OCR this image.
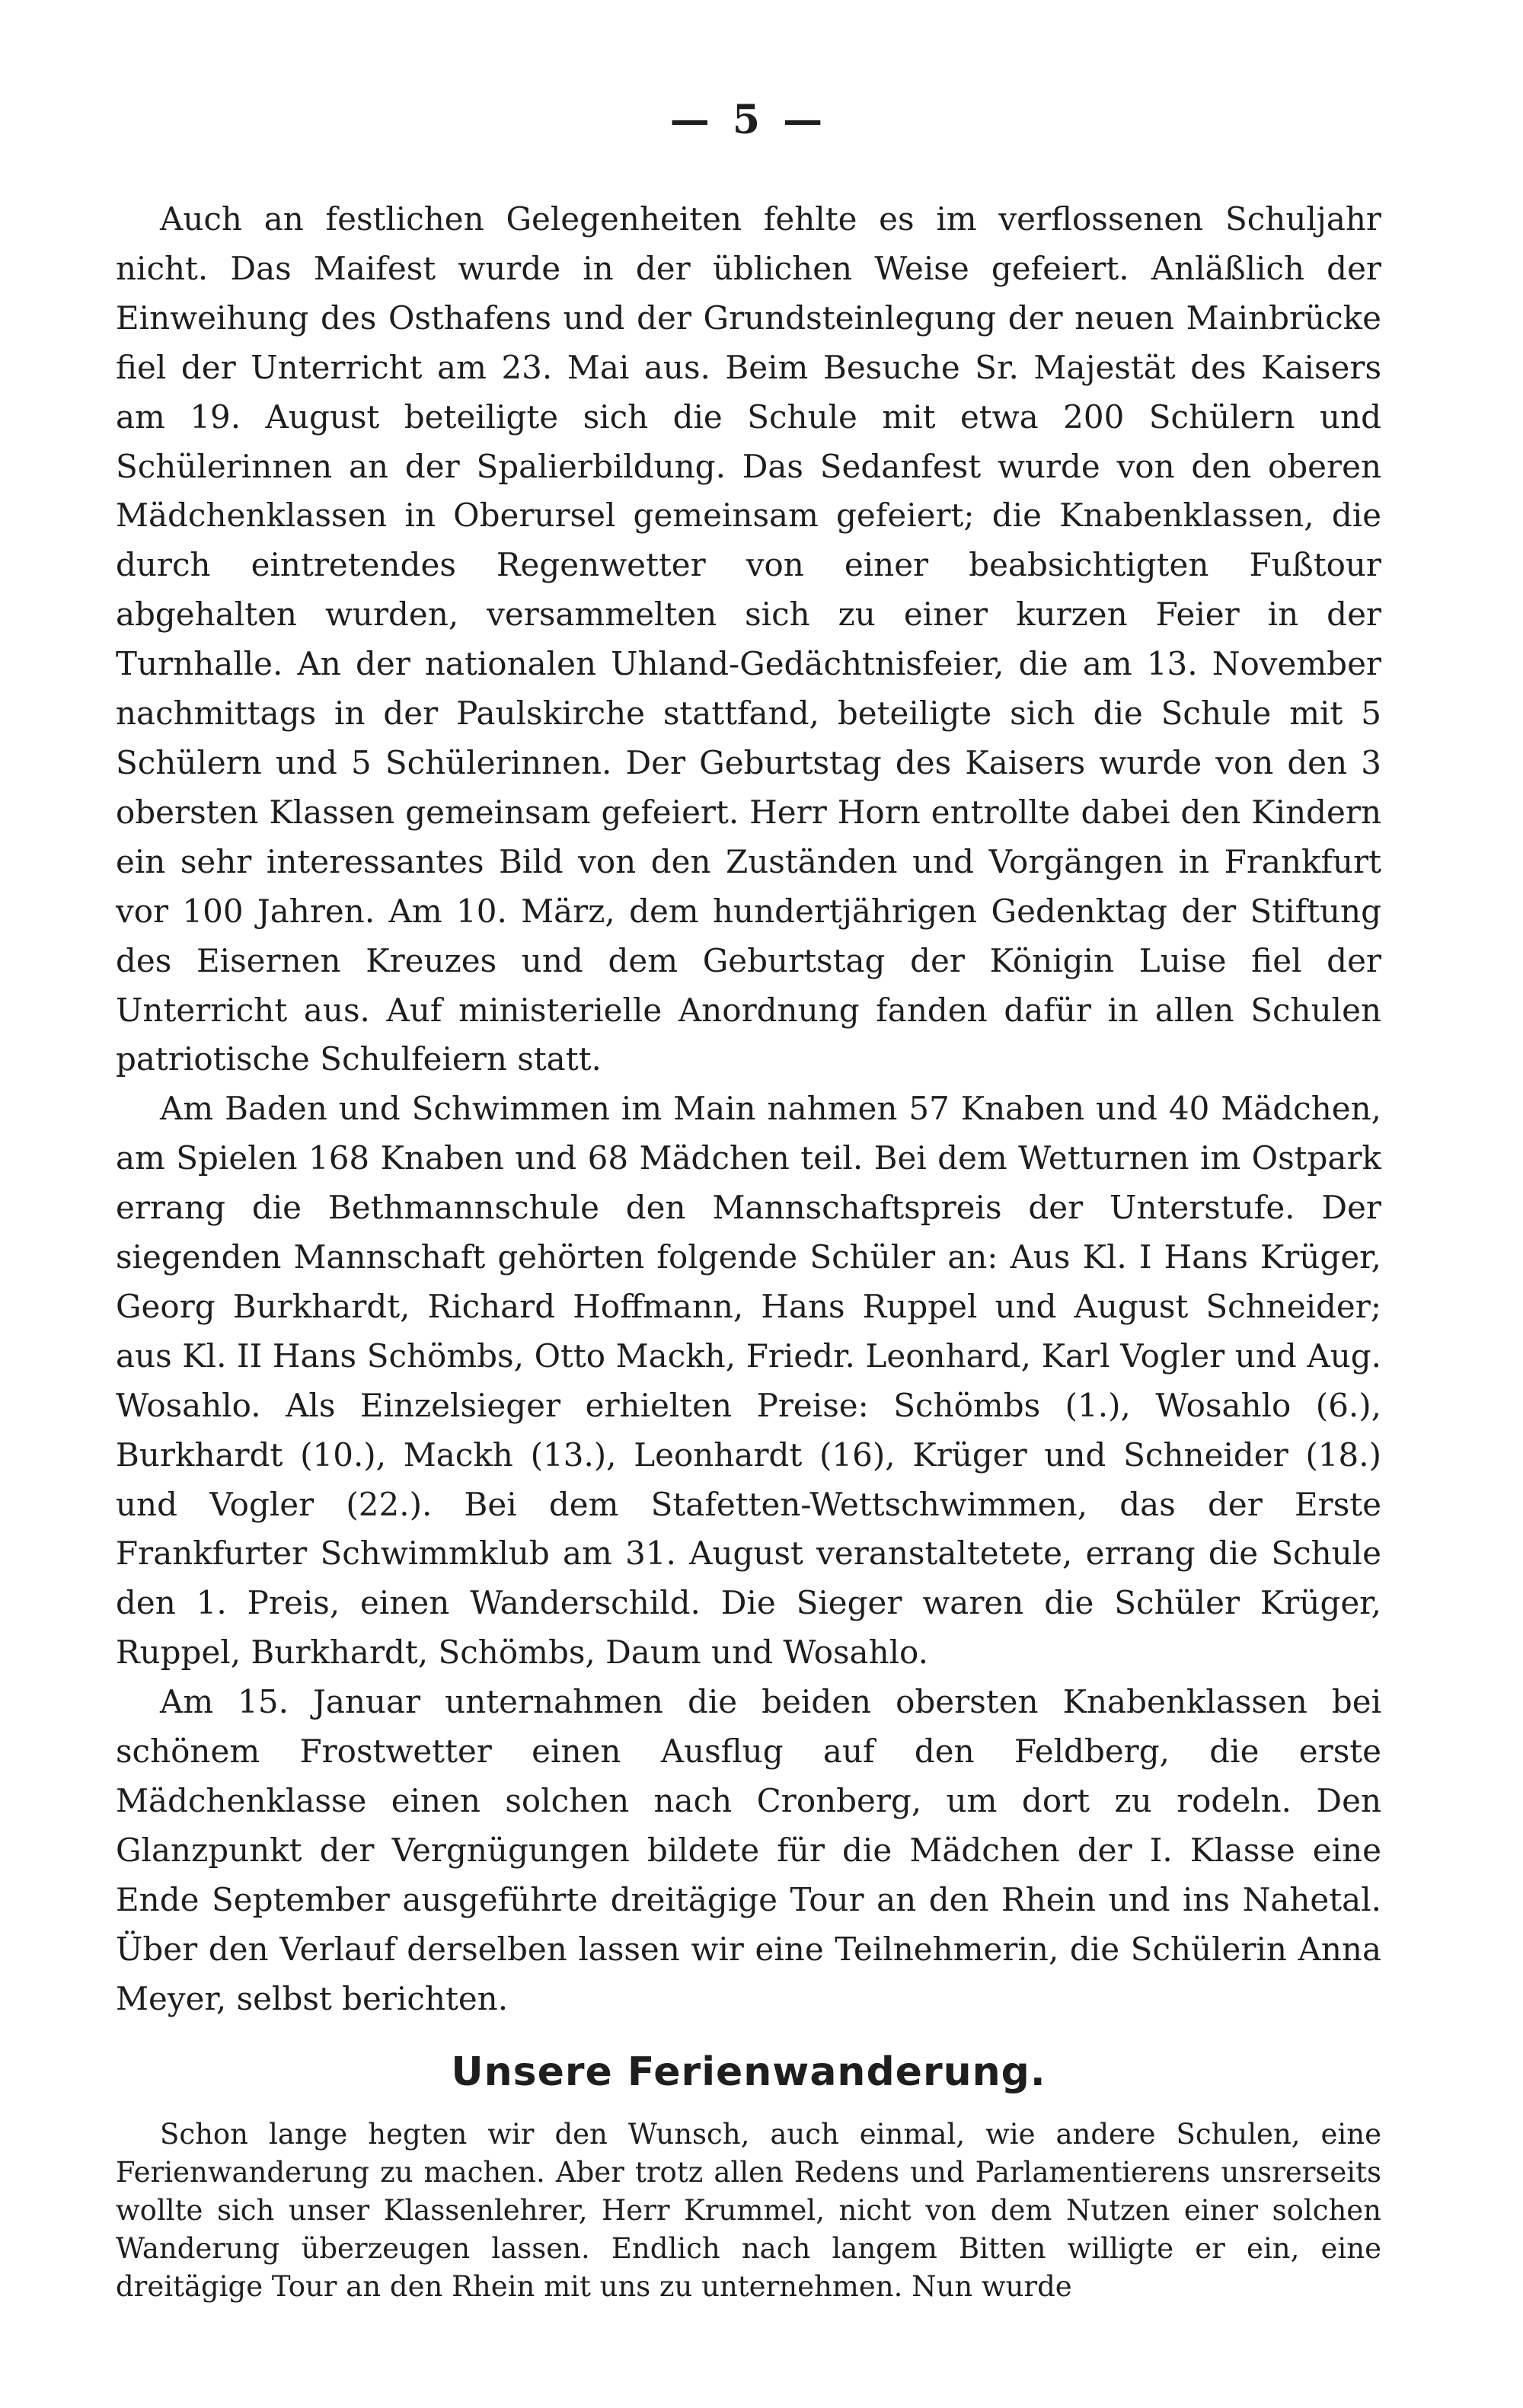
— 5 —

Auch an festlichen Gelegenheiten fehlte es im verflossenen Schuljahr nicht. Das Maifest wurde in der üblichen Weise gefeiert. Anläßlich der Einweihung des Osthafens und der Grundsteinlegung der neuen Mainbrücke fiel der Unterricht am 23. Mai aus. Beim Besuche Sr. Majestät des Kaisers am 19. August beteiligte sich die Schule mit etwa 200 Schülern und Schülerinnen an der Spalierbildung. Das Sedanfest wurde von den oberen Mädchenklassen in Oberursel gemeinsam gefeiert; die Knabenklassen, die durch eintretendes Regenwetter von einer beabsichtigten Fußtour abgehalten wurden, versammelten sich zu einer kurzen Feier in der Turnhalle. An der nationalen Uhland-Gedächtnisfeier, die am 13. November nachmittags in der Paulskirche stattfand, beteiligte sich die Schule mit 5 Schülern und 5 Schülerinnen. Der Geburtstag des Kaisers wurde von den 3 obersten Klassen gemeinsam gefeiert. Herr Horn entrollte dabei den Kindern ein sehr interessantes Bild von den Zuständen und Vorgängen in Frankfurt vor 100 Jahren. Am 10. März, dem hundertjährigen Gedenktag der Stiftung des Eisernen Kreuzes und dem Geburtstag der Königin Luise fiel der Unterricht aus. Auf ministerielle Anordnung fanden dafür in allen Schulen patriotische Schulfeiern statt.

Am Baden und Schwimmen im Main nahmen 57 Knaben und 40 Mädchen, am Spielen 168 Knaben und 68 Mädchen teil. Bei dem Wetturnen im Ostpark errang die Bethmannschule den Mannschaftspreis der Unterstufe. Der siegenden Mannschaft gehörten folgende Schüler an: Aus Kl. I Hans Krüger, Georg Burkhardt, Richard Hoffmann, Hans Ruppel und August Schneider; aus Kl. II Hans Schömbs, Otto Mackh, Friedr. Leonhard, Karl Vogler und Aug. Wosahlo. Als Einzelsieger erhielten Preise: Schömbs (1.), Wosahlo (6.), Burkhardt (10.), Mackh (13.), Leonhardt (16), Krüger und Schneider (18.) und Vogler (22.). Bei dem Stafetten-Wettschwimmen, das der Erste Frankfurter Schwimmklub am 31. August veranstaltetete, errang die Schule den 1. Preis, einen Wanderschild. Die Sieger waren die Schüler Krüger, Ruppel, Burkhardt, Schömbs, Daum und Wosahlo.

Am 15. Januar unternahmen die beiden obersten Knabenklassen bei schönem Frostwetter einen Ausflug auf den Feldberg, die erste Mädchenklasse einen solchen nach Cronberg, um dort zu rodeln. Den Glanzpunkt der Vergnügungen bildete für die Mädchen der I. Klasse eine Ende September ausgeführte dreitägige Tour an den Rhein und ins Nahetal. Über den Verlauf derselben lassen wir eine Teilnehmerin, die Schülerin Anna Meyer, selbst berichten.

Unsere Ferienwanderung.

Schon lange hegten wir den Wunsch, auch einmal, wie andere Schulen, eine Ferienwanderung zu machen. Aber trotz allen Redens und Parlamentierens unsrerseits wollte sich unser Klassenlehrer, Herr Krummel, nicht von dem Nutzen einer solchen Wanderung überzeugen lassen. Endlich nach langem Bitten willigte er ein, eine dreitägige Tour an den Rhein mit uns zu unternehmen. Nun wurde
